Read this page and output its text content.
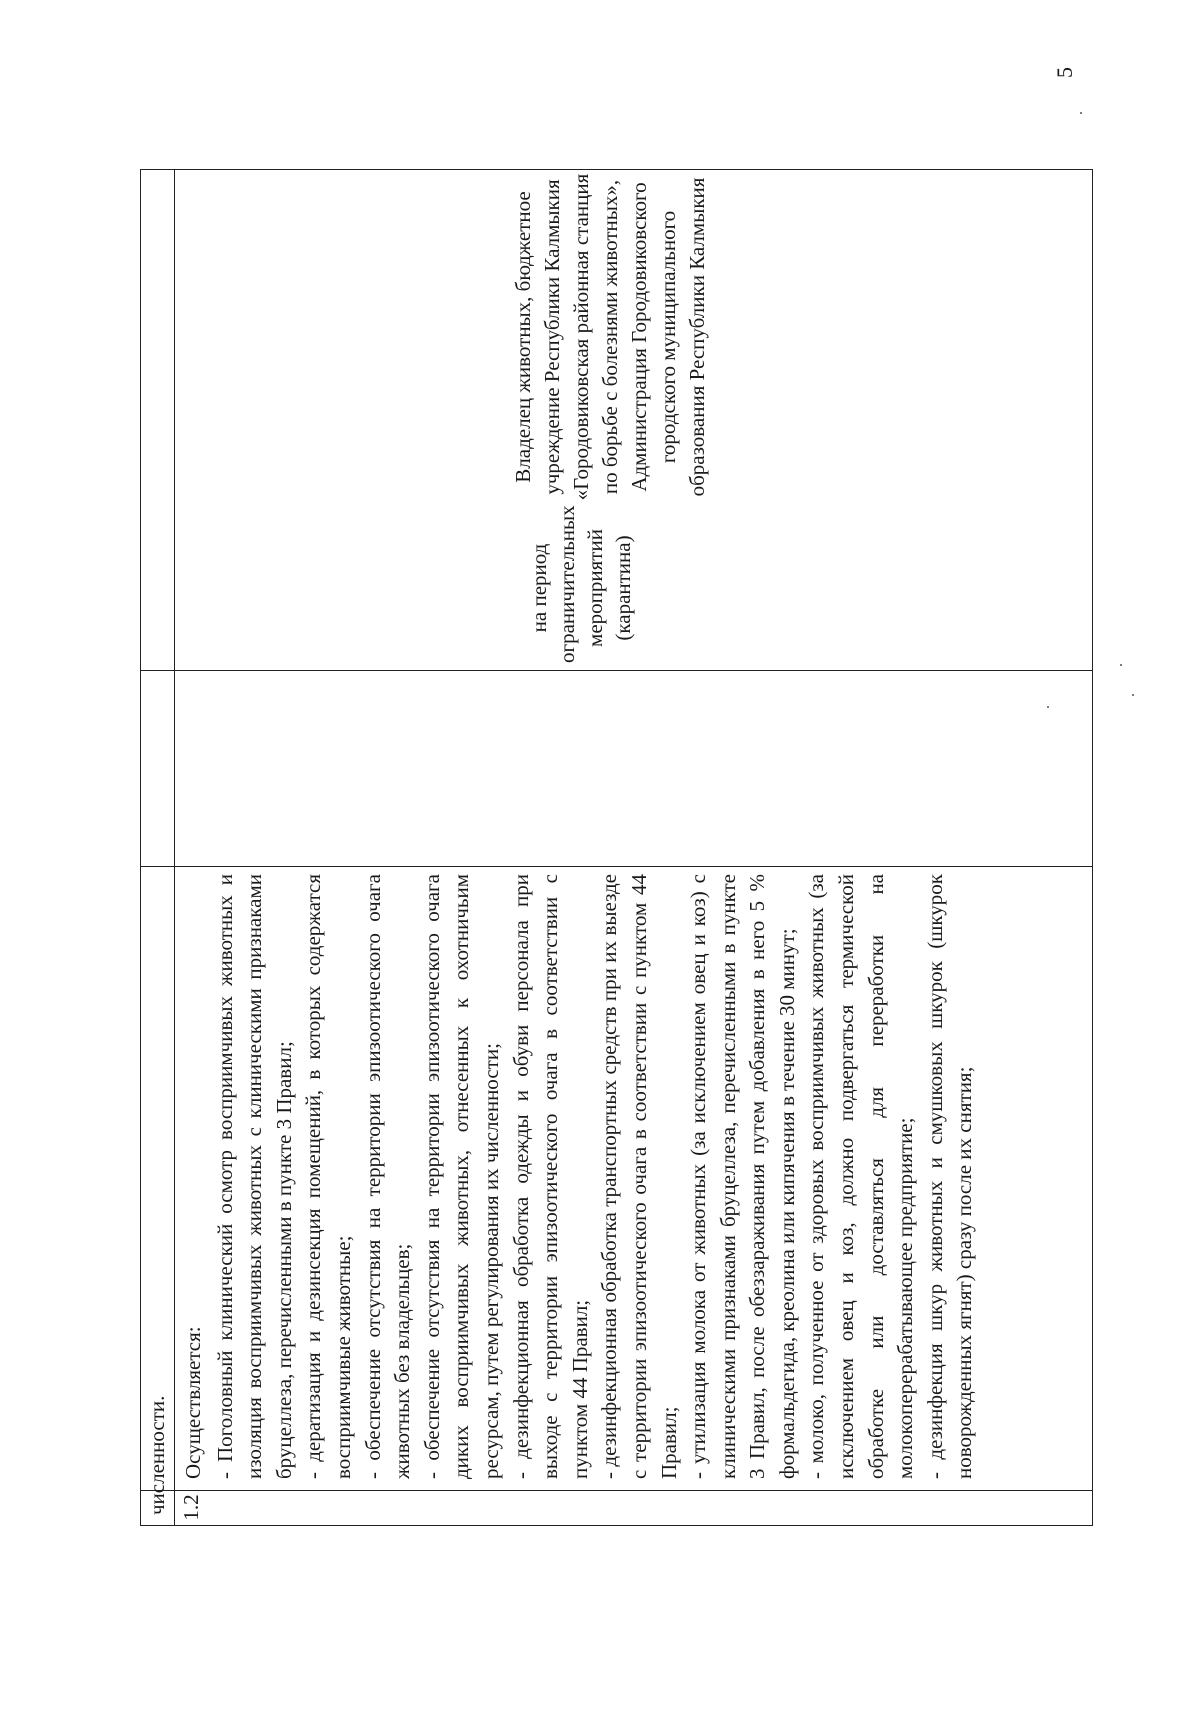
численности. 1.2
Осуществляется: - Поголовный клинический осмотр восприимчивых животных и изоляция восприимчивых животных с клиническими признаками бруцеллеза, перечисленными в пункте 3 Правил; - дератизация и дезинсекция помещений, в которых содержатся восприимчивые животные; - обеспечение отсутствия на территории эпизоотического очага животных без владельцев; - обеспечение отсутствия на территории эпизоотического очага диких восприимчивых животных, отнесенных к охотничьим ресурсам, путем регулирования их численности; - дезинфекционная обработка одежды и обуви персонала при выходе с территории эпизоотического очага в соответствии с пунктом 44 Правил; - дезинфекционная обработка транспортных средств при их выезде с территории эпизоотического очага в соответствии с пунктом 44 Правил; - утилизация молока от животных (за исключением овец и коз) с клиническими признаками бруцеллеза, перечисленными в пункте 3 Правил, после обеззараживания путем добавления в него 5 % формальдегида, креолина или кипячения в течение 30 минут; - молоко, полученное от здоровых восприимчивых животных (за исключением овец и коз, должно подвергаться термической обработке или доставляться для переработки на молокоперерабатывающее предприятие; - дезинфекция шкур животных и смушковых шкурок (шкурок новорожденных ягнят) сразу после их снятия;
на период ограничительных мероприятий (карантина)
Владелец животных, бюджетное учреждение Республики Калмыкия «Городовиковская районная станция по борьбе с болезнями животных», Администрация Городовиковского городского муниципального образования Республики Калмыкия
5
